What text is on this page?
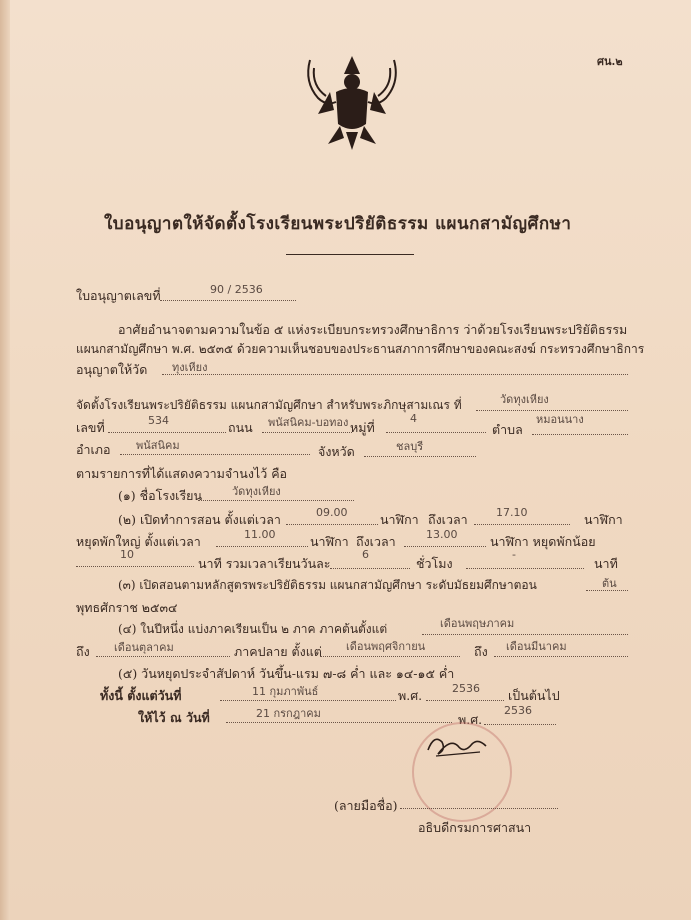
ศน.๒
ใบอนุญาตให้จัดตั้งโรงเรียนพระปริยัติธรรม แผนกสามัญศึกษา
ใบอนุญาตเลขที่	90 / 2536
อาศัยอำนาจตามความในข้อ ๕ แห่งระเบียบกระทรวงศึกษาธิการ ว่าด้วยโรงเรียนพระปริยัติธรรม
แผนกสามัญศึกษา พ.ศ. ๒๕๓๕ ด้วยความเห็นชอบของประธานสภาการศึกษาของคณะสงฆ์ กระทรวงศึกษาธิการ
อนุญาตให้วัด ทุงเหียง
จัดตั้งโรงเรียนพระปริยัติธรรม แผนกสามัญศึกษา สำหรับพระภิกษุสามเณร ที่	วัดทุงเหียง
เลขที่	534	ถนน พนัสนิคม-บอทอง หมู่ที่
4
ตำบล
หมอนนาง
อำเภอ พนัสนิคม	จังหวัด	ชลบุรี
ตามรายการที่ได้แสดงความจำนงไว้ คือ
(๑) ชื่อโรงเรียน	วัดทุงเหียง
(๒) เปิดทำการสอน ตั้งแต่เวลา	09.00	นาฬิกา ถึงเวลา	17.10	นาฬิกา
หยุดพักใหญ่ ตั้งแต่เวลา	11.00	นาฬิกา ถึงเวลา	13.00	นาฬิกา หยุดพักน้อย
10
นาที รวมเวลาเรียนวันละ
6
ชั่วโมง
-
นาที
(๓) เปิดสอนตามหลักสูตรพระปริยัติธรรม แผนกสามัญศึกษา ระดับมัธยมศึกษาตอน	ต้น
พุทธศักราช ๒๕๓๔
(๔) ในปีหนึ่ง แบ่งภาคเรียนเป็น ๒ ภาค ภาคต้นตั้งแต่	เดือนพฤษภาคม
ถึง เดือนตุลาคม	ภาคปลาย ตั้งแต่ เดือนพฤศจิกายน	ถึง เดือนมีนาคม
(๕) วันหยุดประจำสัปดาห์ วันขึ้น-แรม ๗-๘ ค่ำ และ ๑๔-๑๕ ค่ำ
ทั้งนี้ ตั้งแต่วันที่	11 กุมภาพันธ์	พ.ศ.	2536 เป็นต้นไป
ให้ไว้ ณ วันที่	21 กรกฎาคม	พ.ศ.
2536
(ลายมือชื่อ)
อธิบดีกรมการศาสนา
